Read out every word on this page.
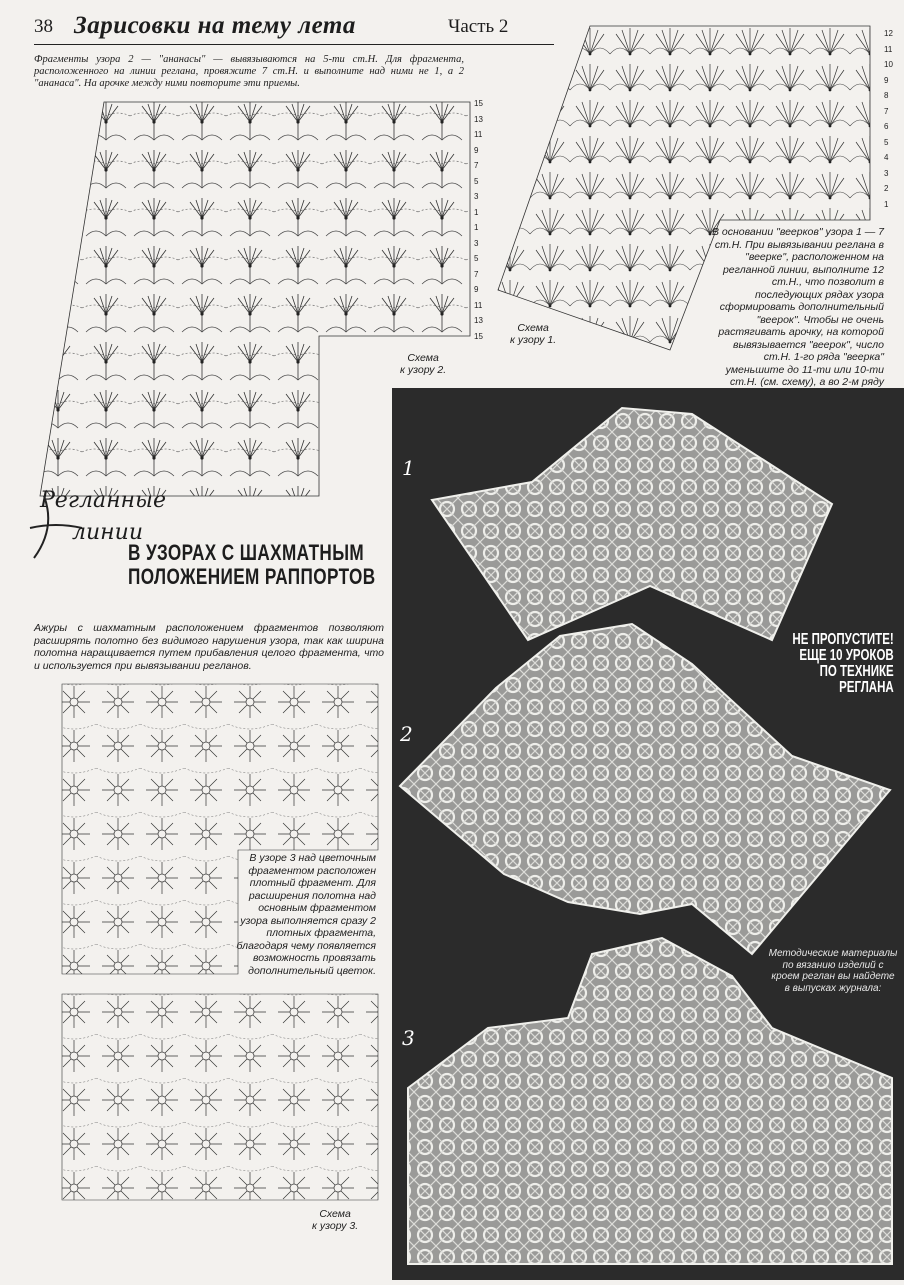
38 Зарисовки на тему лета	Часть 2
Фрагменты узора 2 — "ананасы" — вывязываются на 5-ти ст.Н. Для фрагмента, расположенного на линии реглана, провяжите 7 ст.Н. и выполните над ними не 1, а 2 "ананаса". На арочке между ними повторите эти приемы.
15
13
11
9
7
5
3
1
1
3
5
7
9
11
13
15
Схема
к узору 2.
12
11
10
9
8
7
6
5
4
3
2
1
Схема
к узору 1.
В основании "веерков" узора 1 — 7 ст.Н. При вывязывании реглана в "веерке", расположенном на регланной линии, выполните 12 ст.Н., что позволит в последующих рядах узора сформировать дополнительный "веерок". Чтобы не очень растягивать арочку, на которой вывязывается "веерок", число ст.Н. 1-го ряда "веерка" уменьшите до 11-ти или 10-ти ст.Н. (см. схему), а во 2-м ряду
Регланные
линии
В УЗОРАХ С ШАХМАТНЫМ
ПОЛОЖЕНИЕМ РАППОРТОВ
Ажуры с шахматным расположением фрагментов позволяют расширять полотно без видимого нарушения узора, так как ширина полотна наращивается путем прибавления целого фрагмента, что и используется при вывязывании регланов.
В узоре 3 над цветочным фрагментом расположен плотный фрагмент. Для расширения полотна над основным фрагментом узора выполняется сразу 2 плотных фрагмента, благодаря чему появляется возможность провязать дополнительный цветок.
Схема
к узору 3.
1
2
3
НЕ ПРОПУСТИТЕ!
ЕЩЕ 10 УРОКОВ
ПО ТЕХНИКЕ
РЕГЛАНА
Методические материалы по вязанию изделий с кроем реглан вы найдете в выпусках журнала:
